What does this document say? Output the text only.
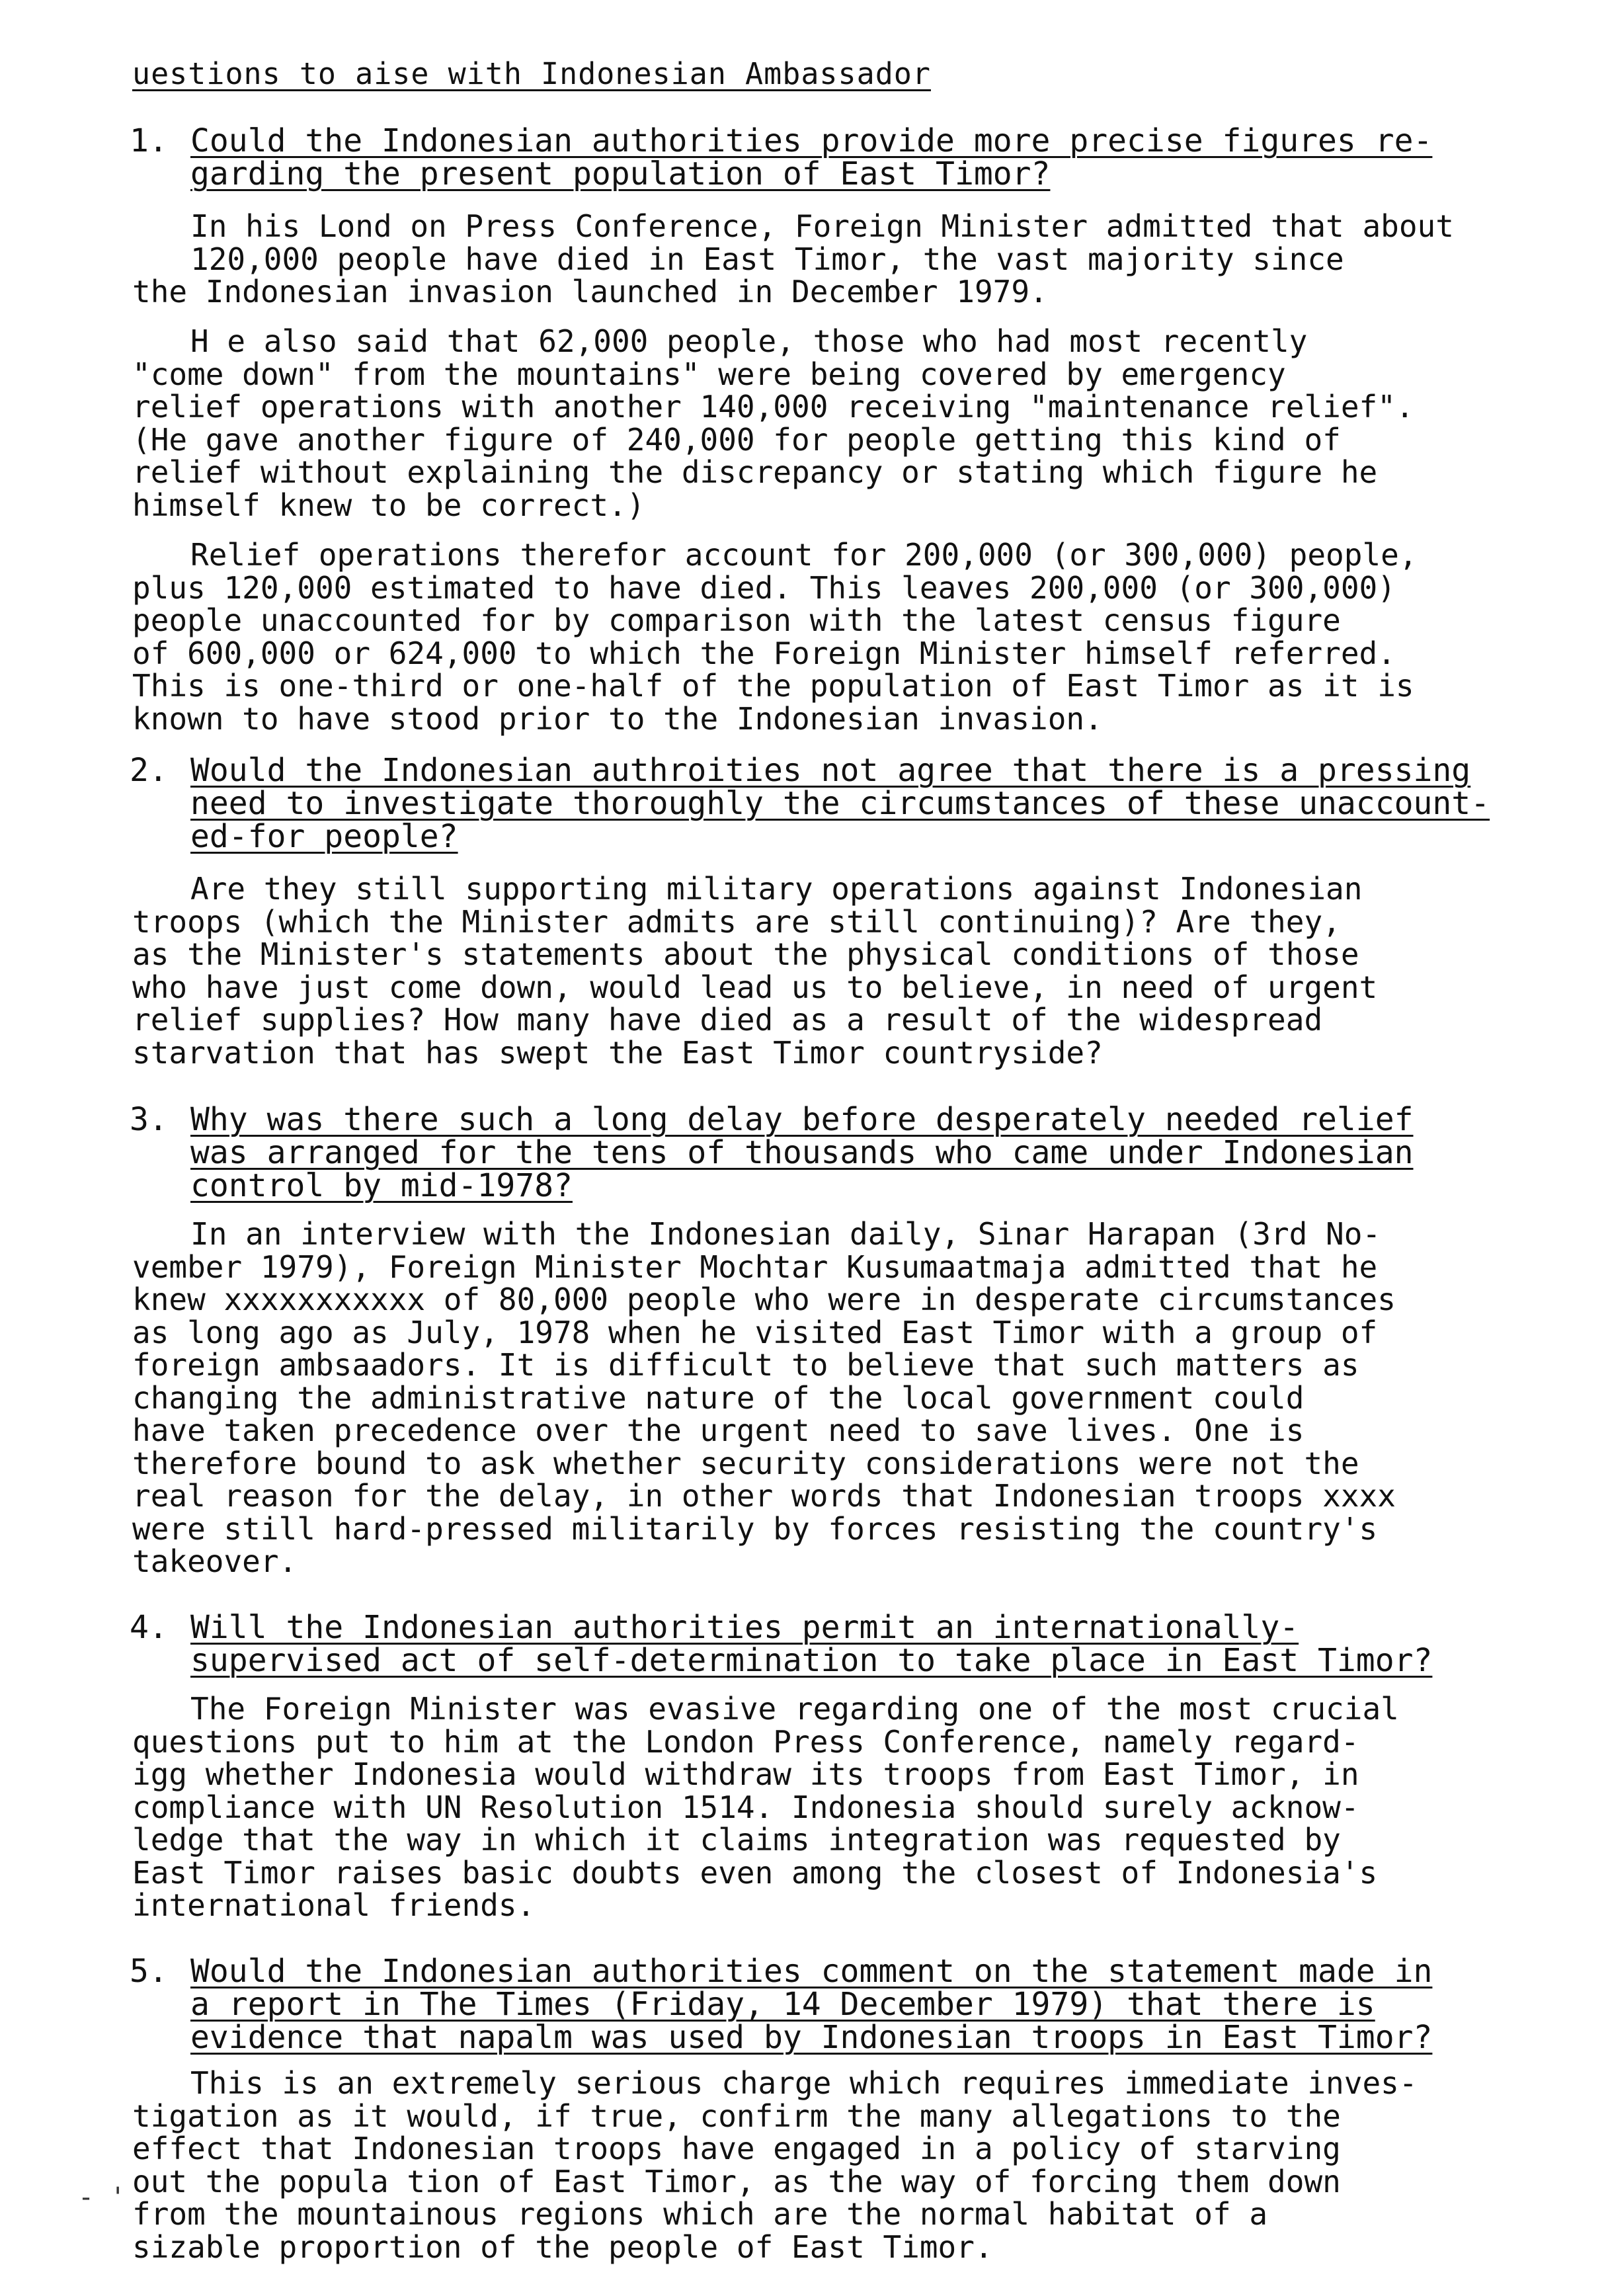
uestions to aise with Indonesian Ambassador
1. Could the Indonesian authorities provide more precise figures re-
garding the present population of East Timor?
In his Lond on Press Conference, Foreign Minister admitted that about
120,000 people have died in East Timor, the vast majority since
the Indonesian invasion launched in December 1979.
H e also said that 62,000 people, those who had most recently
"come down" from the mountains" were being covered by emergency
relief operations with another 140,000 receiving "maintenance relief".
(He gave another figure of 240,000 for people getting this kind of
relief without explaining the discrepancy or stating which figure he
himself knew to be correct.)
Relief operations therefor account for 200,000 (or 300,000) people,
plus 120,000 estimated to have died. This leaves 200,000 (or 300,000)
people unaccounted for by comparison with the latest census figure
of 600,000 or 624,000 to which the Foreign Minister himself referred.
This is one-third or one-half of the population of East Timor as it is
known to have stood prior to the Indonesian invasion.
2. Would the Indonesian authroities not agree that there is a pressing
need to investigate thoroughly the circumstances of these unaccount-
ed-for people?
Are they still supporting military operations against Indonesian
troops (which the Minister admits are still continuing)? Are they,
as the Minister's statements about the physical conditions of those
who have just come down, would lead us to believe, in need of urgent
relief supplies? How many have died as a result of the widespread
starvation that has swept the East Timor countryside?
3. Why was there such a long delay before desperately needed relief
was arranged for the tens of thousands who came under Indonesian
control by mid-1978?
In an interview with the Indonesian daily, Sinar Harapan (3rd No-
vember 1979), Foreign Minister Mochtar Kusumaatmaja admitted that he
knew xxxxxxxxxxx of 80,000 people who were in desperate circumstances
as long ago as July, 1978 when he visited East Timor with a group of
foreign ambsaadors. It is difficult to believe that such matters as
changing the administrative nature of the local government could
have taken precedence over the urgent need to save lives. One is
therefore bound to ask whether security considerations were not the
real reason for the delay, in other words that Indonesian troops xxxx
were still hard-pressed militarily by forces resisting the country's
takeover.
4. Will the Indonesian authorities permit an internationally-
supervised act of self-determination to take place in East Timor?
The Foreign Minister was evasive regarding one of the most crucial
questions put to him at the London Press Conference, namely regard-
igg whether Indonesia would withdraw its troops from East Timor, in
compliance with UN Resolution 1514. Indonesia should surely acknow-
ledge that the way in which it claims integration was requested by
East Timor raises basic doubts even among the closest of Indonesia's
international friends.
5. Would the Indonesian authorities comment on the statement made in
a report in The Times (Friday, 14 December 1979) that there is
evidence that napalm was used by Indonesian troops in East Timor?
This is an extremely serious charge which requires immediate inves-
tigation as it would, if true, confirm the many allegations to the
effect that Indonesian troops have engaged in a policy of starving
out the popula tion of East Timor, as the way of forcing them down
from the mountainous regions which are the normal habitat of a
sizable proportion of the people of East Timor.
- '
